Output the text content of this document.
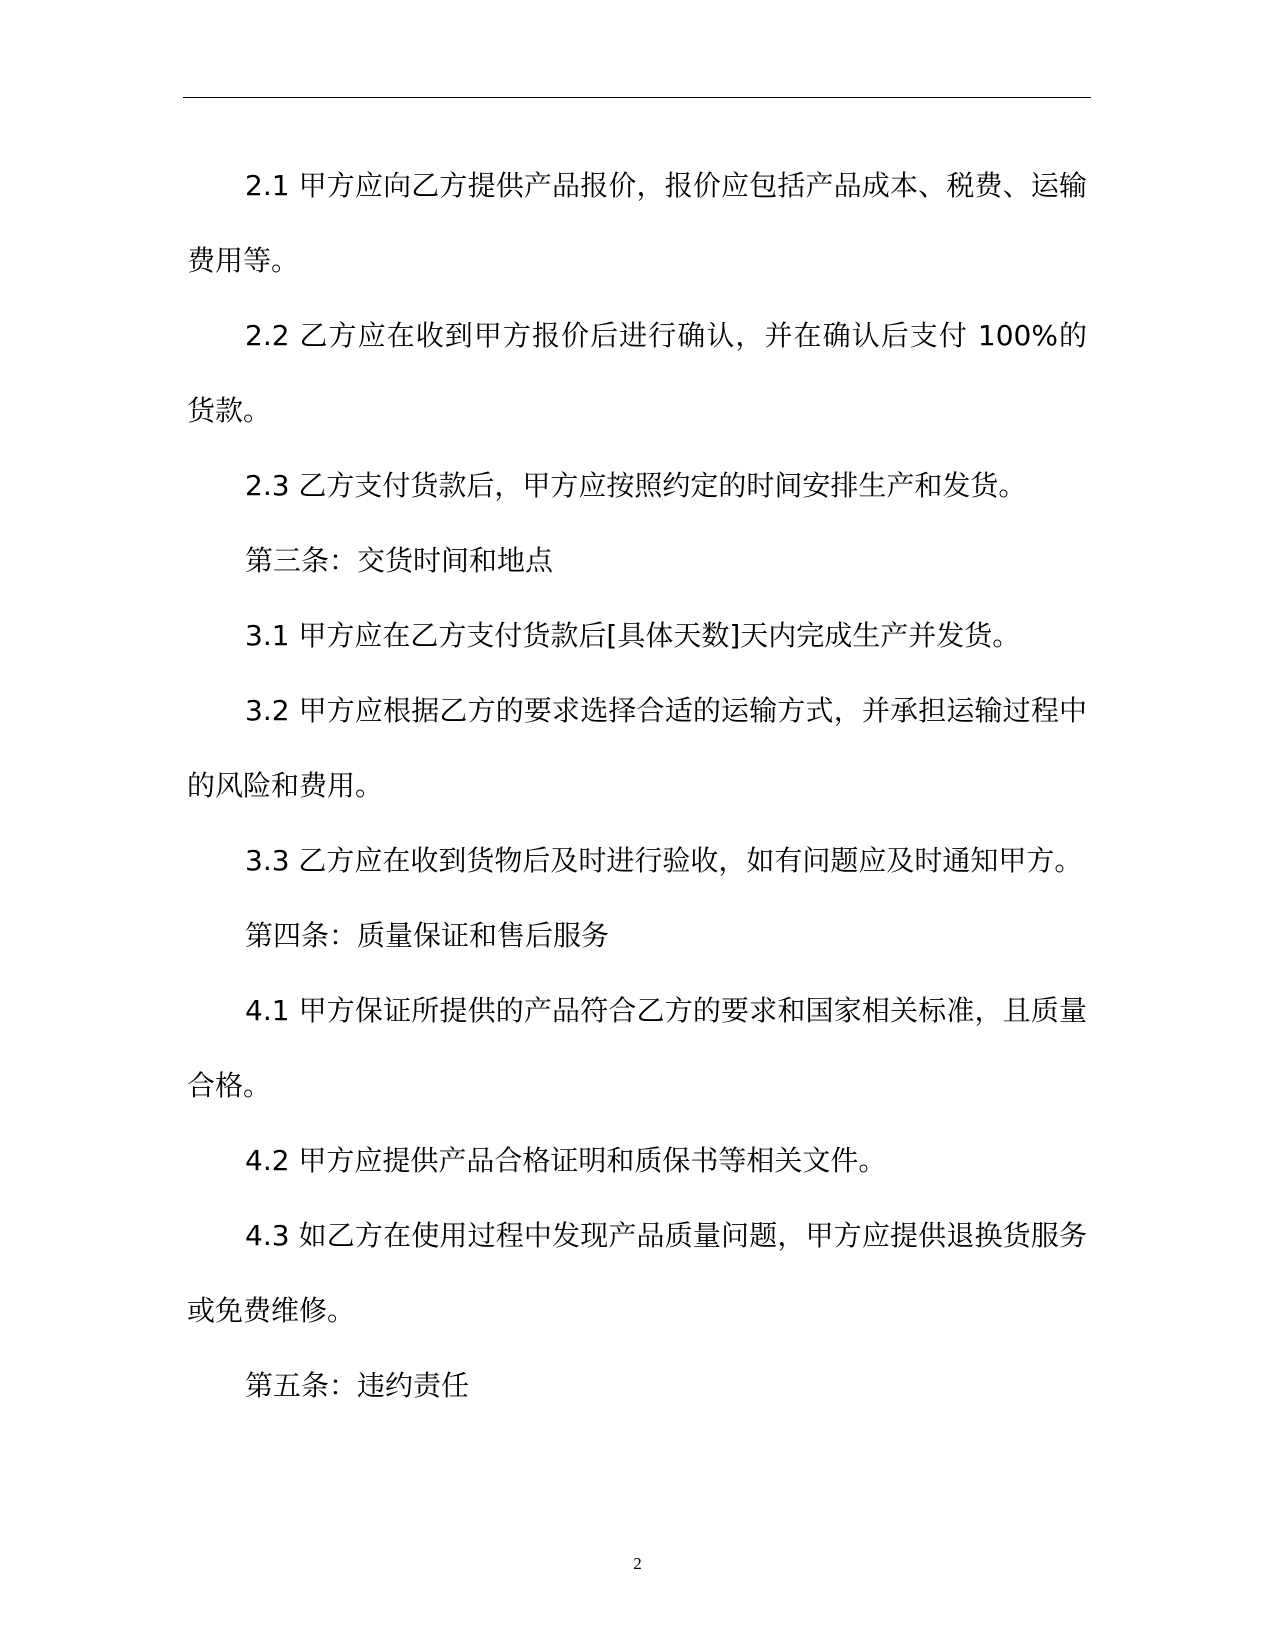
2.1 甲方应向乙方提供产品报价，报价应包括产品成本、税费、运输费用等。

2.2 乙方应在收到甲方报价后进行确认，并在确认后支付 100%的货款。

2.3 乙方支付货款后，甲方应按照约定的时间安排生产和发货。

第三条：交货时间和地点

3.1 甲方应在乙方支付货款后[具体天数]天内完成生产并发货。

3.2 甲方应根据乙方的要求选择合适的运输方式，并承担运输过程中的风险和费用。

3.3 乙方应在收到货物后及时进行验收，如有问题应及时通知甲方。

第四条：质量保证和售后服务

4.1 甲方保证所提供的产品符合乙方的要求和国家相关标准，且质量合格。

4.2 甲方应提供产品合格证明和质保书等相关文件。

4.3 如乙方在使用过程中发现产品质量问题，甲方应提供退换货服务或免费维修。

第五条：违约责任

2
